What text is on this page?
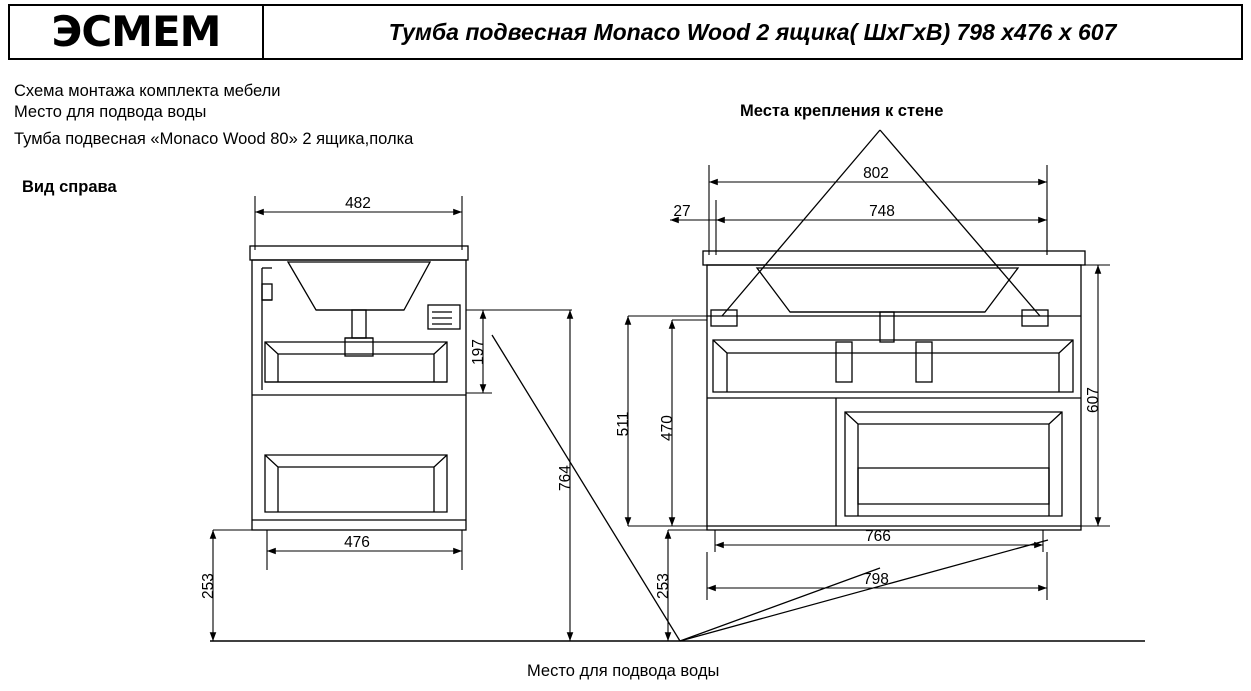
ЭСMEM	Тумба подвесная Monaco Wood 2 ящика( ШхГхВ) 798 х476 х 607
Схема монтажа комплекта мебели
Место для подвода воды
Тумба подвесная «Monaco Wood 80» 2 ящика,полка
Вид справа
Места крепления к стене
Место для подвода воды
482
476
253
197
764
802
748
27
766
798
607
511 470
253
